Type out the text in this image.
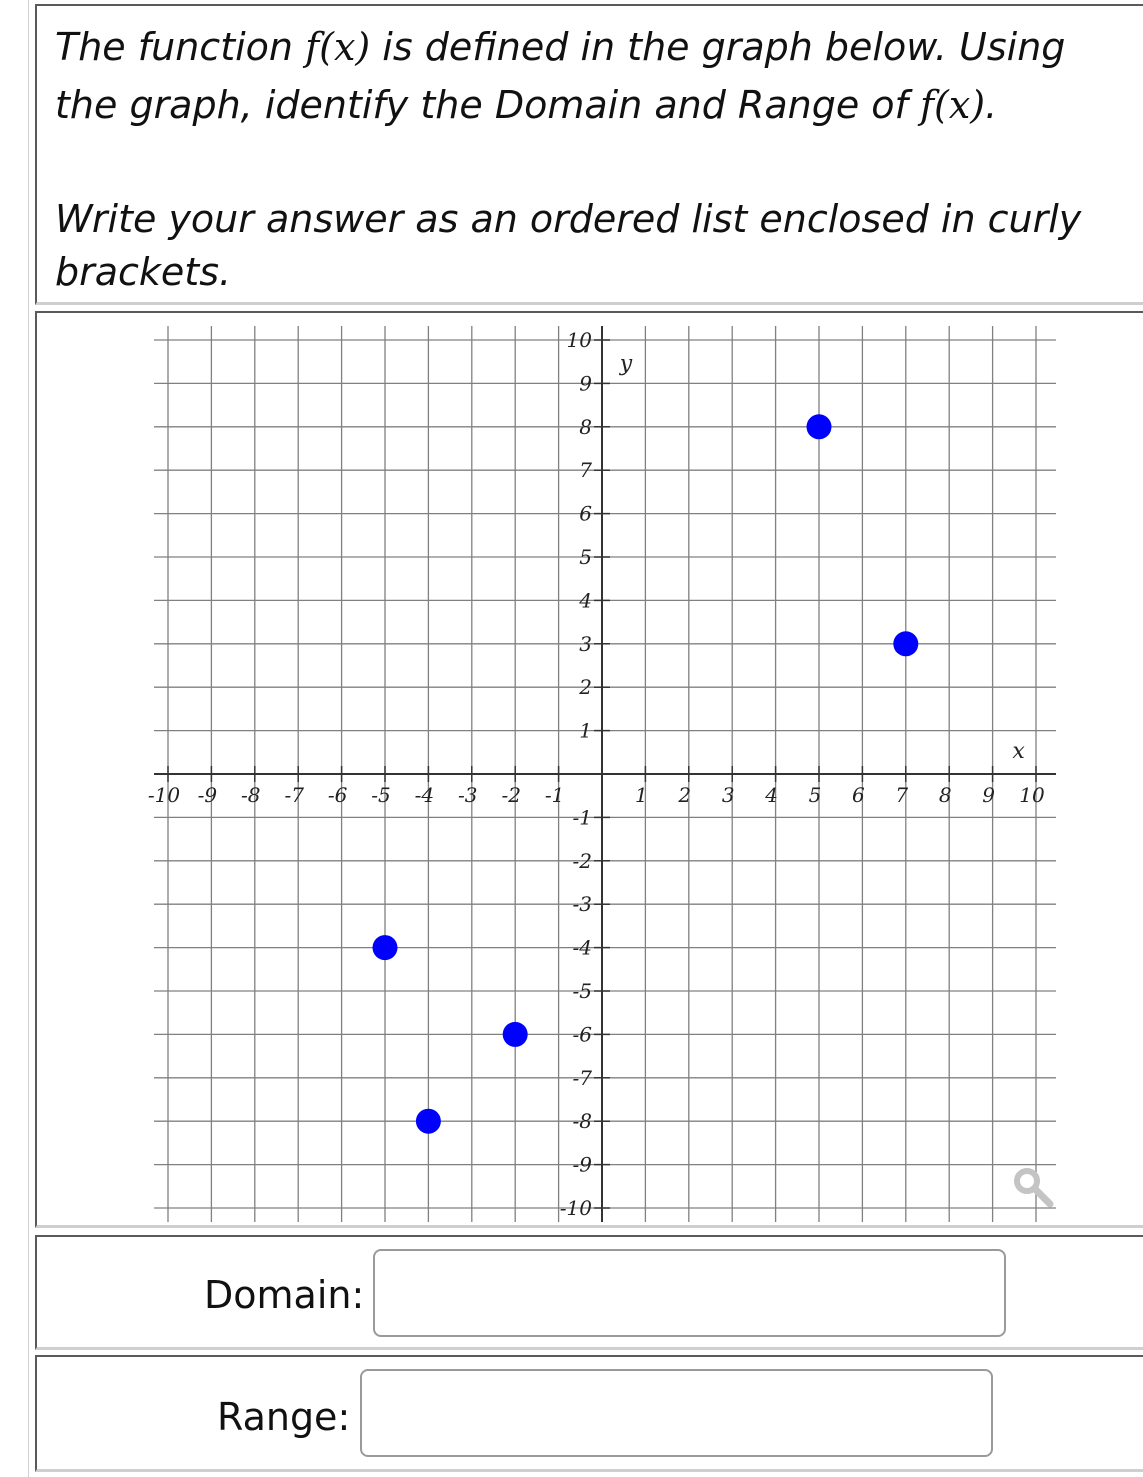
The function f(x) is defined in the graph below. Using the graph, identify the Domain and Range of f(x).

Write your answer as an ordered list enclosed in curly brackets.

-10 -9 -8 -7 -6 -5 -4 -3 -2 -1	1 2 3 4 5 6 7 8 9 10
-10
-9
-8
-7
-6
-5
-4
-3
-2
-1
1
2
3
4
5
6
7
8
9
10
x
y
Domain:
Range:
